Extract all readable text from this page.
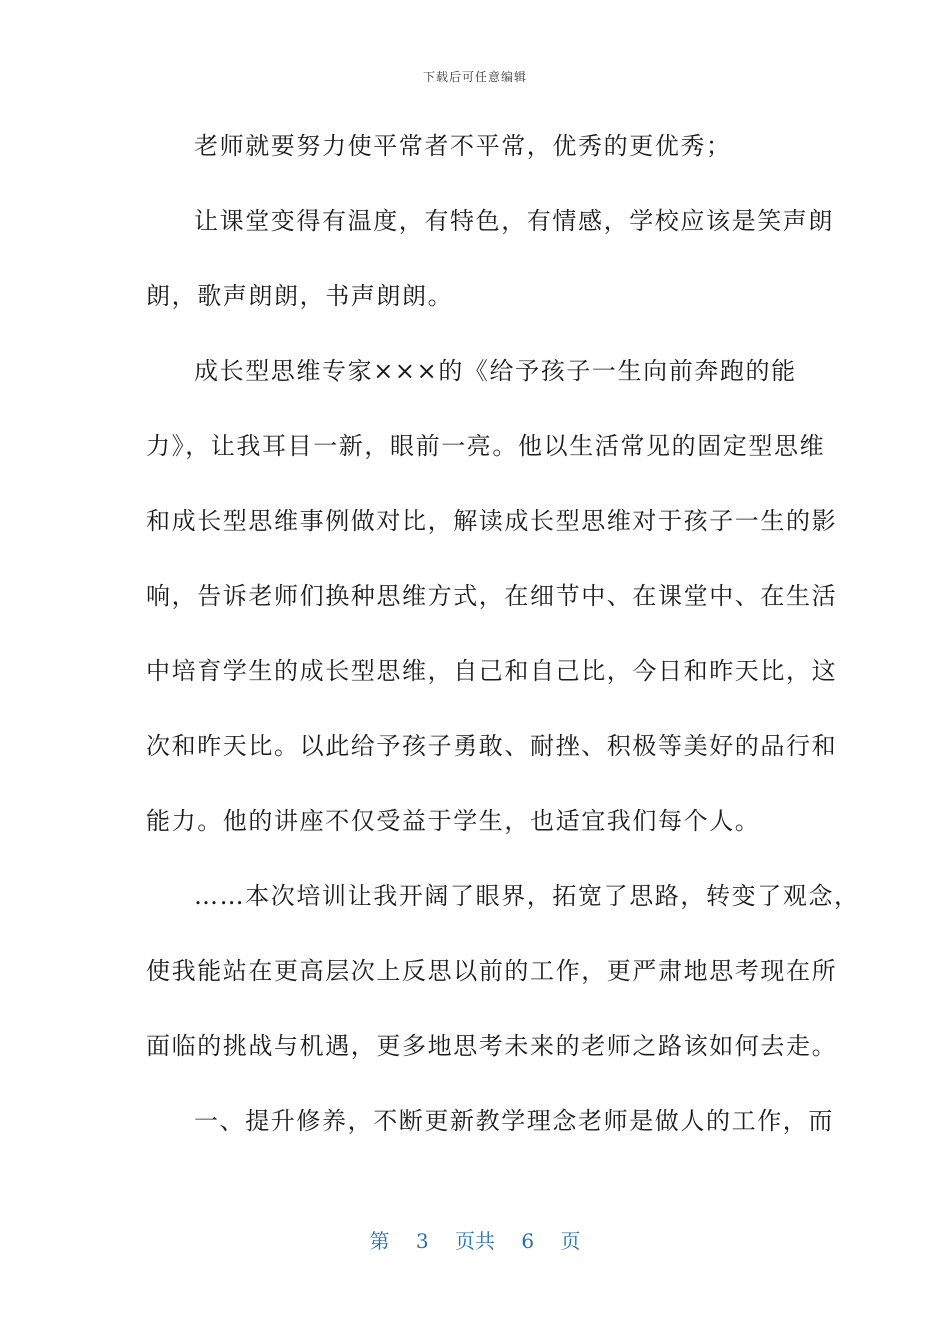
下载后可任意编辑
老师就要努力使平常者不平常，优秀的更优秀；
让课堂变得有温度，有特色，有情感，学校应该是笑声朗
朗，歌声朗朗，书声朗朗。
成长型思维专家×××的《给予孩子一生向前奔跑的能
力》，让我耳目一新，眼前一亮。他以生活常见的固定型思维
和成长型思维事例做对比，解读成长型思维对于孩子一生的影
响，告诉老师们换种思维方式，在细节中、在课堂中、在生活
中培育学生的成长型思维，自己和自己比，今日和昨天比，这
次和昨天比。以此给予孩子勇敢、耐挫、积极等美好的品行和
能力。他的讲座不仅受益于学生，也适宜我们每个人。
……本次培训让我开阔了眼界，拓宽了思路，转变了观念，
使我能站在更高层次上反思以前的工作，更严肃地思考现在所
面临的挑战与机遇，更多地思考未来的老师之路该如何去走。
一、提升修养，不断更新教学理念老师是做人的工作，而
第 3 页共 6 页
